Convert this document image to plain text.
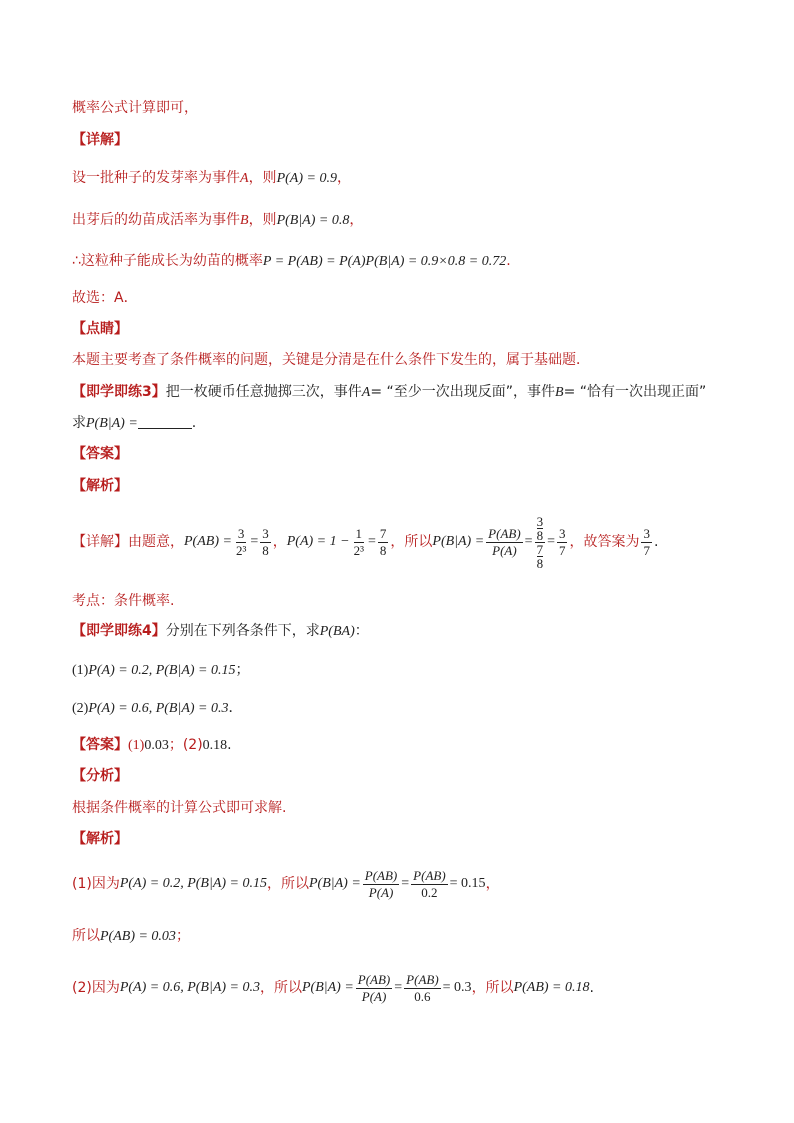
概率公式计算即可，
【详解】
设一批种子的发芽率为事件A，则P(A) = 0.9，
出芽后的幼苗成活率为事件B，则P(B|A) = 0.8，
∴这粒种子能成长为幼苗的概率P = P(AB) = P(A)P(B|A) = 0.9×0.8 = 0.72.
故选：A．
【点睛】
本题主要考查了条件概率的问题，关键是分清是在什么条件下发生的，属于基础题．
【即学即练3】把一枚硬币任意抛掷三次，事件A= “至少一次出现反面”，事件B= “恰有一次出现正面”
求P(B|A) =	.
【答案】
【解析】
【详解】由题意， $P(AB) = \frac{3}{\text{2³}} = \frac{3}{8}$ ， $P(A) = 1 - \frac{1}{\text{2³}} = \frac{7}{8}$ ，所以 $P(B|A) = \frac{P(AB)}{P(A)} = 3$
8
7
$8 = \frac{3}{7}$ ，故答案为 $\frac{3}{7}$ .
考点：条件概率.
【即学即练4】分别在下列各条件下，求P(BA)：
(1)P(A) = 0.2, P(B|A) = 0.15；
(2)P(A) = 0.6, P(B|A) = 0.3．
【答案】(1)0.03；(2)0.18.
【分析】
根据条件概率的计算公式即可求解.
【解析】
(1)因为 P(A) = 0.2, P(B|A) = 0.15 ，所以 $P(B|A) = \frac{P(AB)}{P(A)} = \frac{P(AB)}{0.2} = 0.15$ ，
所以P(AB) = 0.03；
(2)因为 P(A) = 0.6, P(B|A) = 0.3 ，所以 $P(B|A) = \frac{P(AB)}{P(A)} = \frac{P(AB)}{0.6} = 0.3$ ，所以 P(AB) = 0.18 .
